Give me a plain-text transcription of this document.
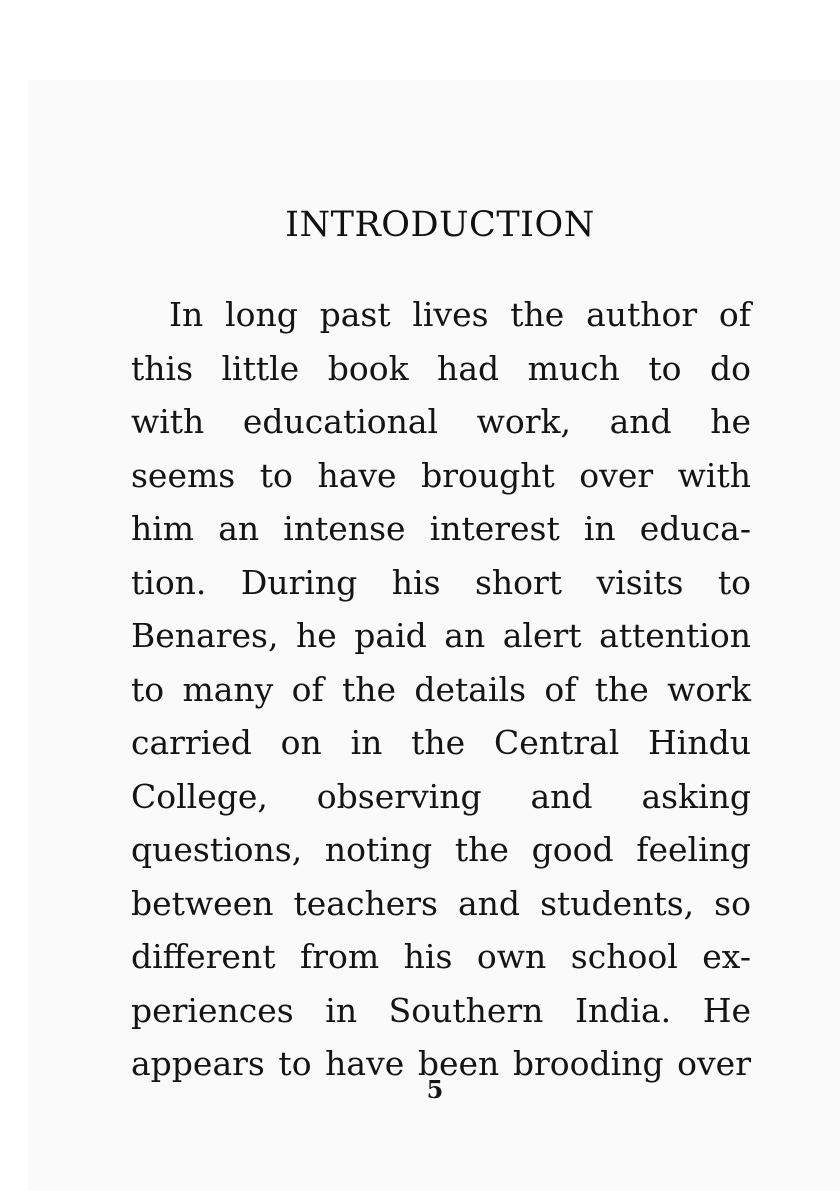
INTRODUCTION
In long past lives the author of
this little book had much to do
with educational work, and he
seems to have brought over with
him an intense interest in educa-
tion. During his short visits to
Benares, he paid an alert attention
to many of the details of the work
carried on in the Central Hindu
College, observing and asking
questions, noting the good feeling
between teachers and students, so
different from his own school ex-
periences in Southern India. He
appears to have been brooding over
5
